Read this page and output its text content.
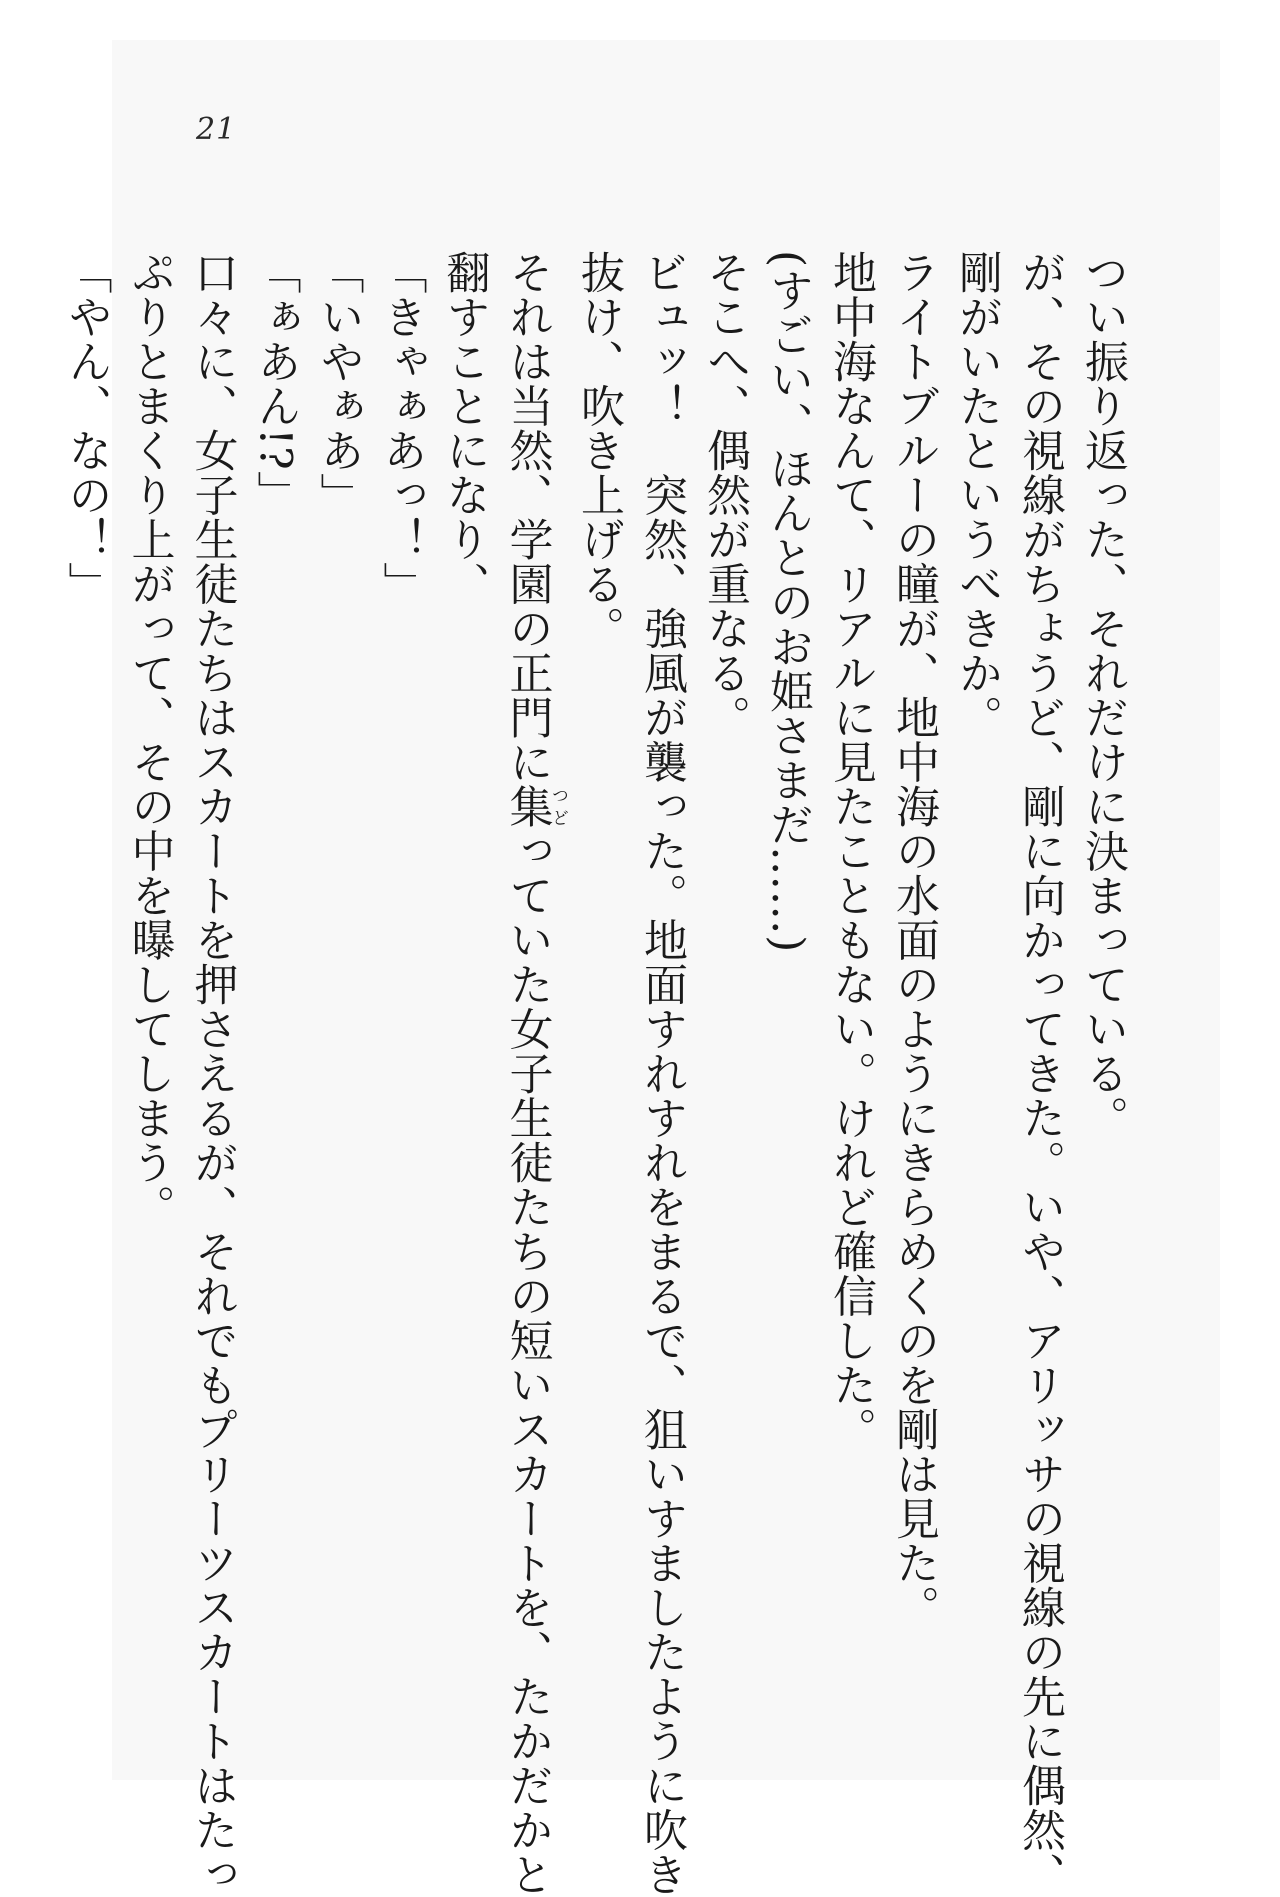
21
つい振り返った、それだけに決まっている。
が、その視線がちょうど、剛に向かってきた。いや、アリッサの視線の先に偶然、
剛がいたというべきか。
ライトブルーの瞳が、地中海の水面のようにきらめくのを剛は見た。
地中海なんて、リアルに見たこともない。けれど確信した。
(すごい、ほんとのお姫さまだ……)
そこへ、偶然が重なる。
ビュッ！　突然、強風が襲った。地面すれすれをまるで、狙いすましたように吹き
抜け、吹き上げる。
それは当然、学園の正門に集つどっていた女子生徒たちの短いスカートを、たかだかと
翻すことになり、
「きゃぁあっ！」
「いやぁあ」
「ぁあん!?」
口々に、女子生徒たちはスカートを押さえるが、それでもプリーツスカートはたっ
ぷりとまくり上がって、その中を曝してしまう。
「やん、なの！」
